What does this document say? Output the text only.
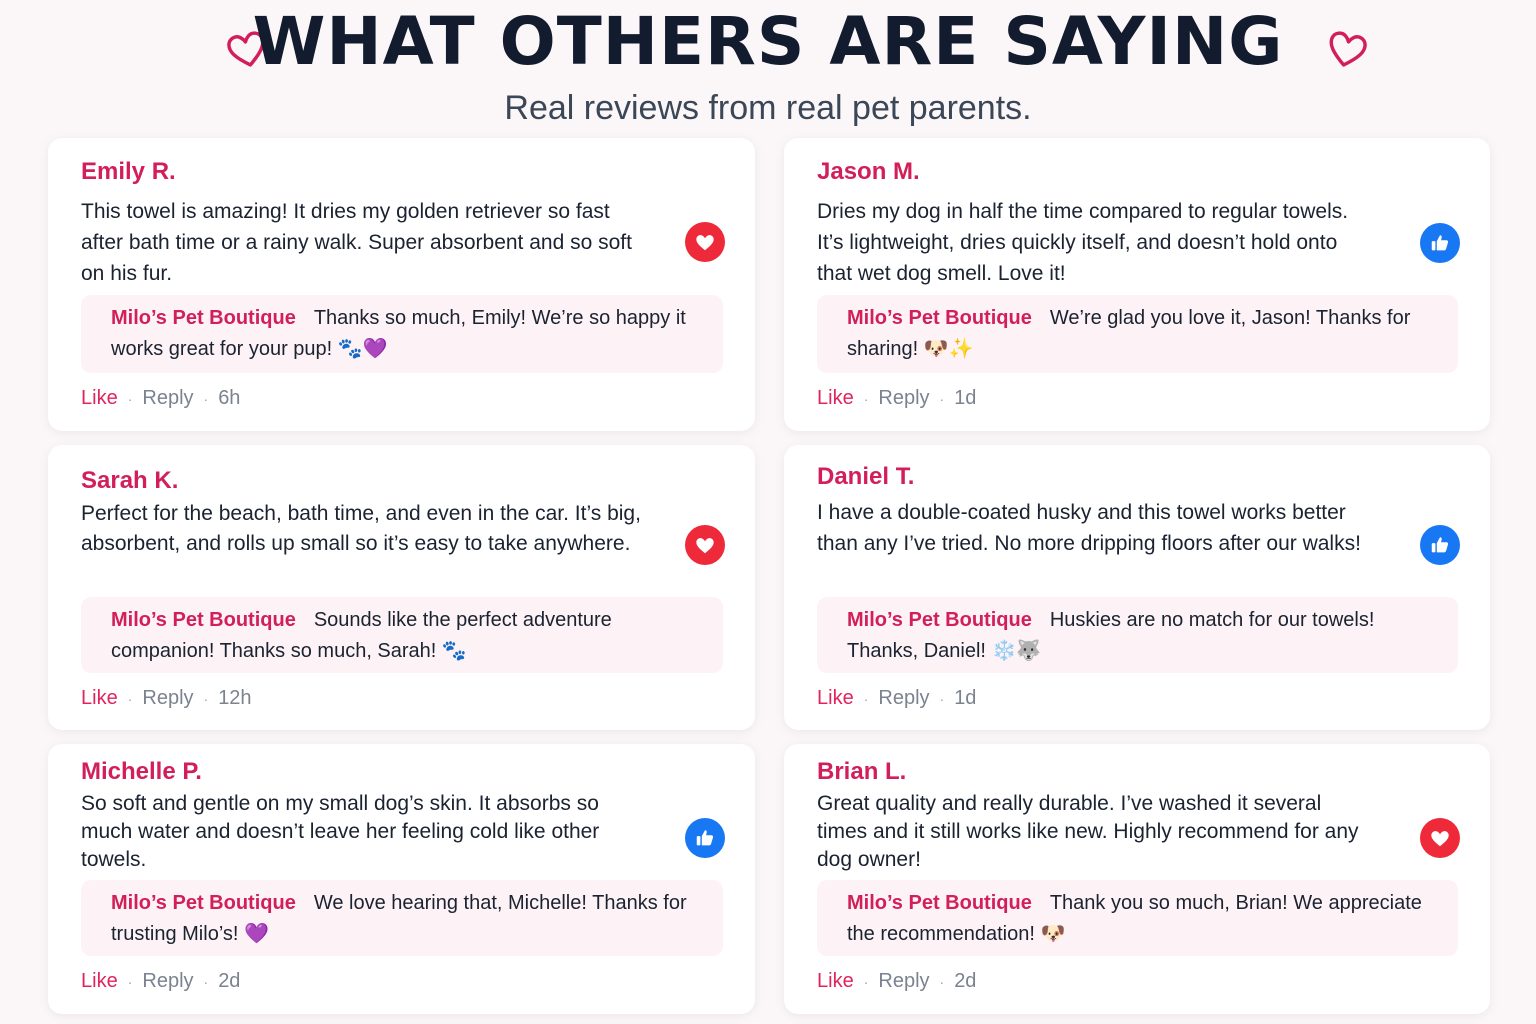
WHAT OTHERS ARE SAYING
Real reviews from real pet parents.
Emily R.
This towel is amazing! It dries my golden retriever so fast after bath time or a rainy walk. Super absorbent and so soft on his fur.
Milo’s Pet Boutique Thanks so much, Emily! We’re so happy it works great for your pup! 🐾💜
Like · Reply · 6h
Jason M.
Dries my dog in half the time compared to regular towels. It’s lightweight, dries quickly itself, and doesn’t hold onto that wet dog smell. Love it!
Milo’s Pet Boutique We’re glad you love it, Jason! Thanks for sharing! 🐶✨
Like · Reply · 1d
Sarah K.
Perfect for the beach, bath time, and even in the car. It’s big, absorbent, and rolls up small so it’s easy to take anywhere.
Milo’s Pet Boutique Sounds like the perfect adventure companion! Thanks so much, Sarah! 🐾
Like · Reply · 12h
Daniel T.
I have a double-coated husky and this towel works better than any I’ve tried. No more dripping floors after our walks!
Milo’s Pet Boutique Huskies are no match for our towels! Thanks, Daniel! ❄️🐺
Like · Reply · 1d
Michelle P.
So soft and gentle on my small dog’s skin. It absorbs so much water and doesn’t leave her feeling cold like other towels.
Milo’s Pet Boutique We love hearing that, Michelle! Thanks for trusting Milo’s! 💜
Like · Reply · 2d
Brian L.
Great quality and really durable. I’ve washed it several times and it still works like new. Highly recommend for any dog owner!
Milo’s Pet Boutique Thank you so much, Brian! We appreciate the recommendation! 🐶
Like · Reply · 2d
